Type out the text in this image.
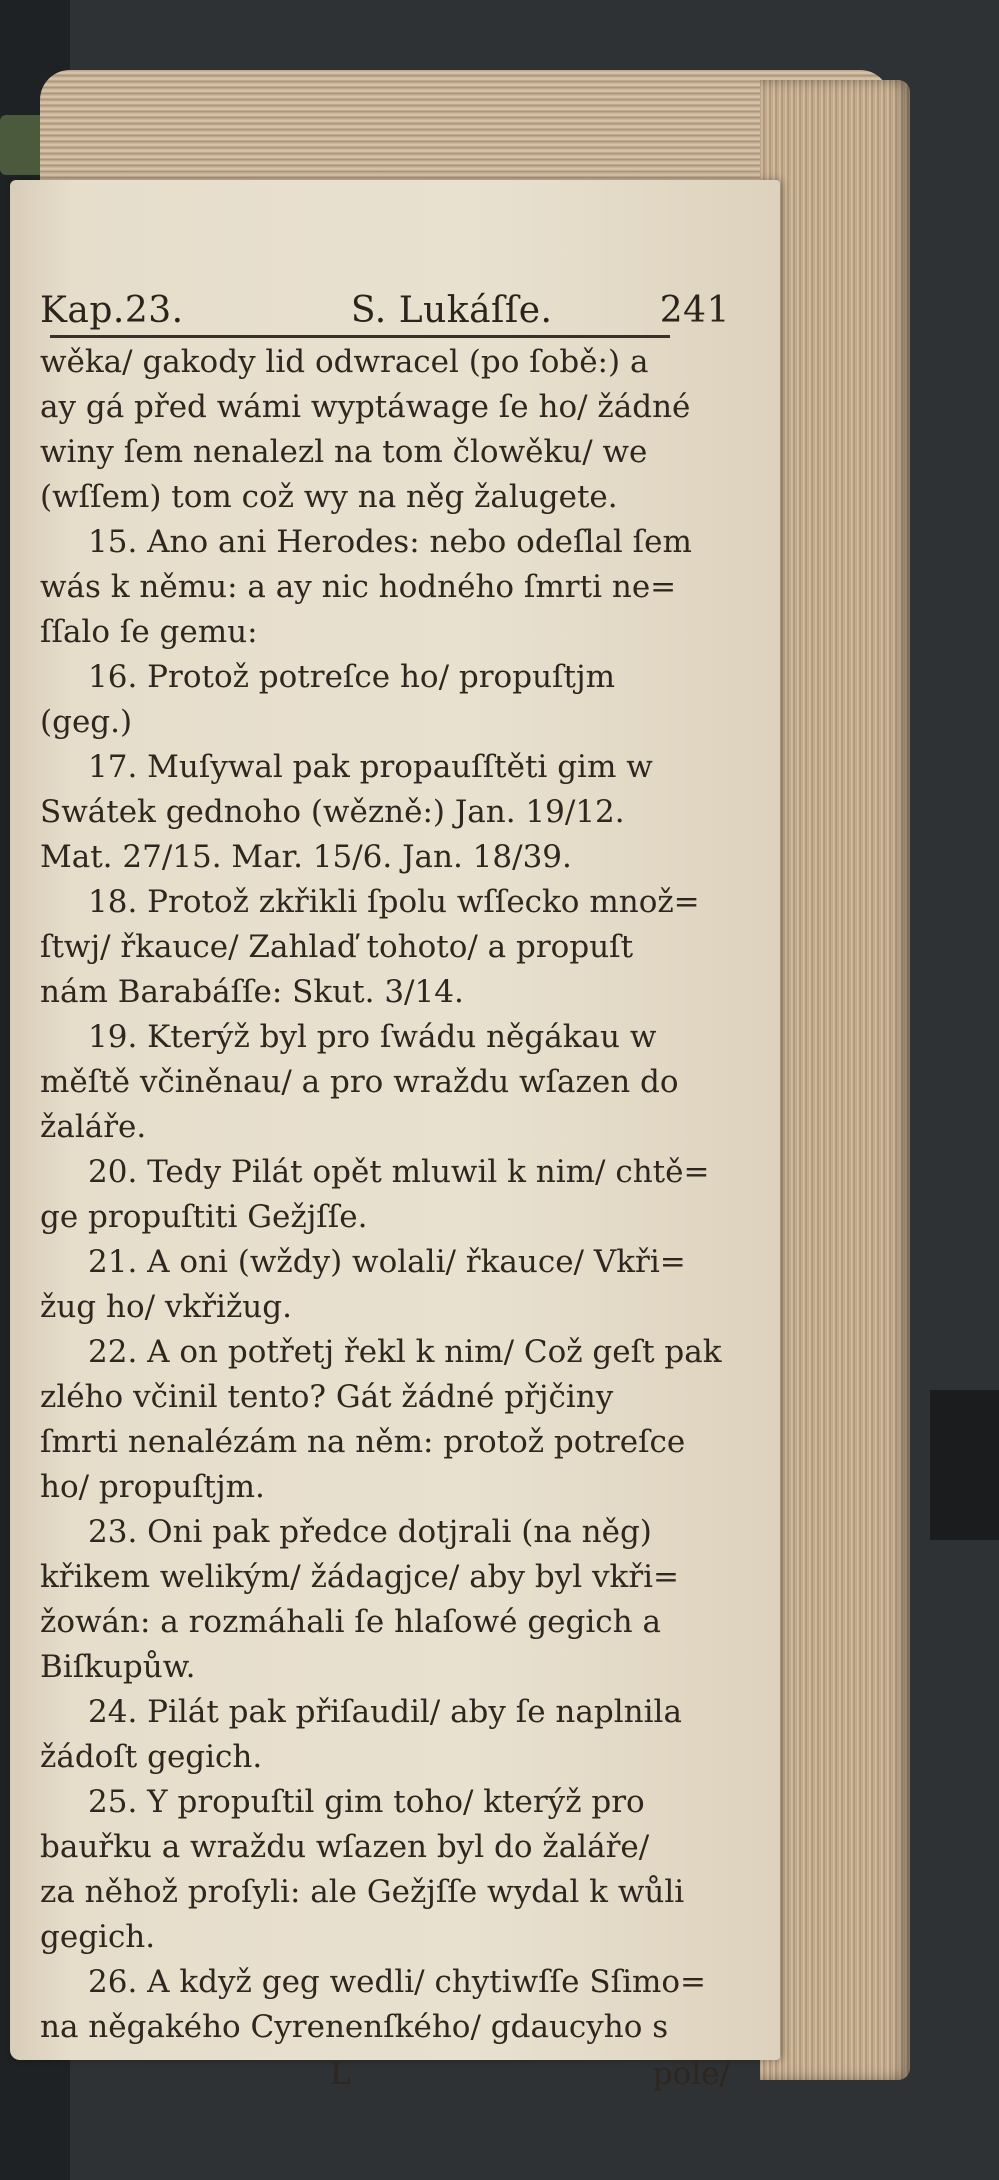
Kap.23.	S. Lukáſſe.	241

wěka/ gakody lid odwracel (po ſobě:) a

ay gá před wámi wyptáwage ſe ho/ žádné

winy ſem nenalezl na tom člowěku/ we

(wſſem) tom což wy na něg žalugete.

15. Ano ani Herodes: nebo odeſlal ſem

wás k němu: a ay nic hodného ſmrti ne=

ſſalo ſe gemu:

16. Protož potreſce ho/ propuſtjm

(geg.)

17. Muſywal pak propauſſtěti gim w

Swátek gednoho (wězně:) Jan. 19/12.

Mat. 27/15. Mar. 15/6. Jan. 18/39.

18. Protož zkřikli ſpolu wſſecko množ=

ſtwj/ řkauce/ Zahlaď tohoto/ a propuſt

nám Barabáſſe: Skut. 3/14.

19. Kterýž byl pro ſwádu něgákau w

měſtě včiněnau/ a pro wraždu wſazen do

žaláře.

20. Tedy Pilát opět mluwil k nim/ chtě=

ge propuſtiti Gežjſſe.

21. A oni (wždy) wolali/ řkauce/ Vkři=

žug ho/ vkřižug.

22. A on potřetj řekl k nim/ Což geſt pak

zlého včinil tento? Gát žádné přjčiny

ſmrti nenalézám na něm: protož potreſce

ho/ propuſtjm.

23. Oni pak předce dotjrali (na něg)

křikem welikým/ žádagjce/ aby byl vkři=

žowán: a rozmáhali ſe hlaſowé gegich a

Biſkupůw.

24. Pilát pak přiſaudil/ aby ſe naplnila

žádoſt gegich.

25. Y propuſtil gim toho/ kterýž pro

bauřku a wraždu wſazen byl do žaláře/

za něhož proſyli: ale Gežjſſe wydal k wůli

gegich.

26. A když geg wedli/ chytiwſſe Sſimo=

na něgakého Cyrenenſkého/ gdaucyho s

L	pole/
